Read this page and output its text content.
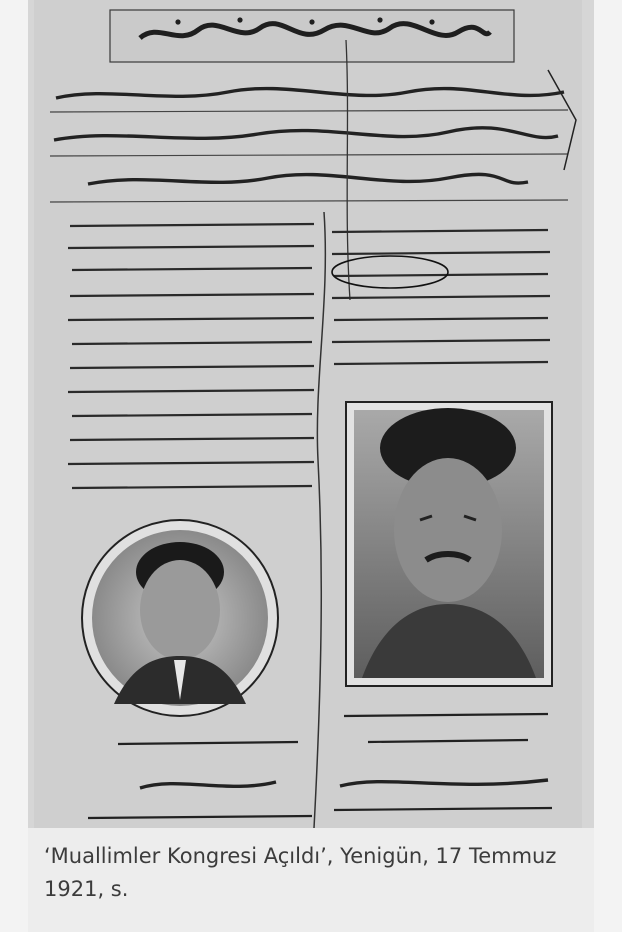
‘Muallimler Kongresi Açıldı’, Yenigün, 17 Temmuz 1921, s.
